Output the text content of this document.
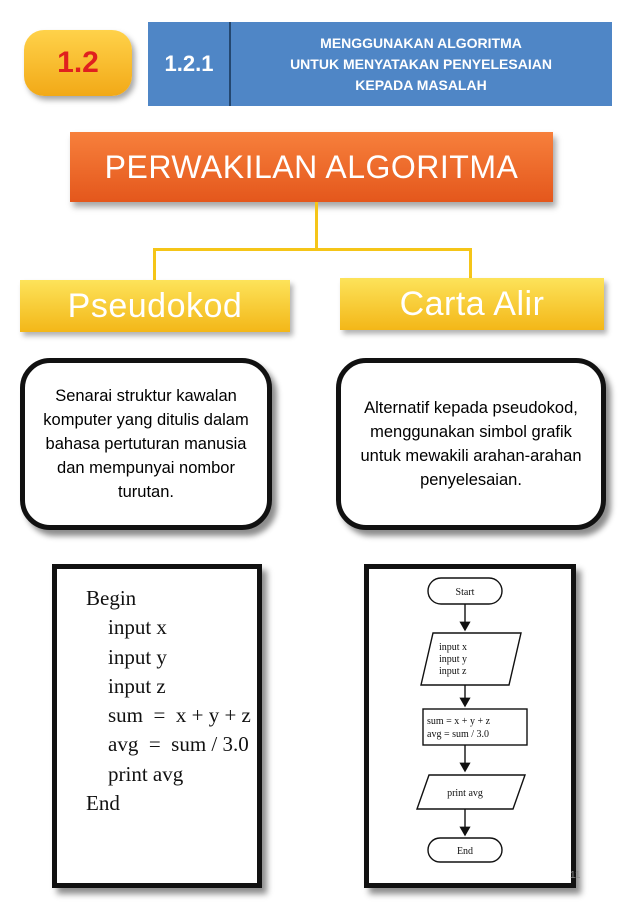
1.2	1.2.1
MENGGUNAKAN ALGORITMA
UNTUK MENYATAKAN PENYELESAIAN
KEPADA MASALAH
PERWAKILAN ALGORITMA
Pseudokod	Carta Alir
Senarai struktur kawalan komputer yang ditulis dalam bahasa pertuturan manusia dan mempunyai nombor turutan.
Alternatif kepada pseudokod, menggunakan simbol grafik untuk mewakili arahan-arahan penyelesaian.
Begin
input x
input y
input z
sum  =  x + y + z
avg  =  sum / 3.0
print avg
End
Start
input x
input y
input z
sum = x + y + z
avg = sum / 3.0
print avg
End
11
